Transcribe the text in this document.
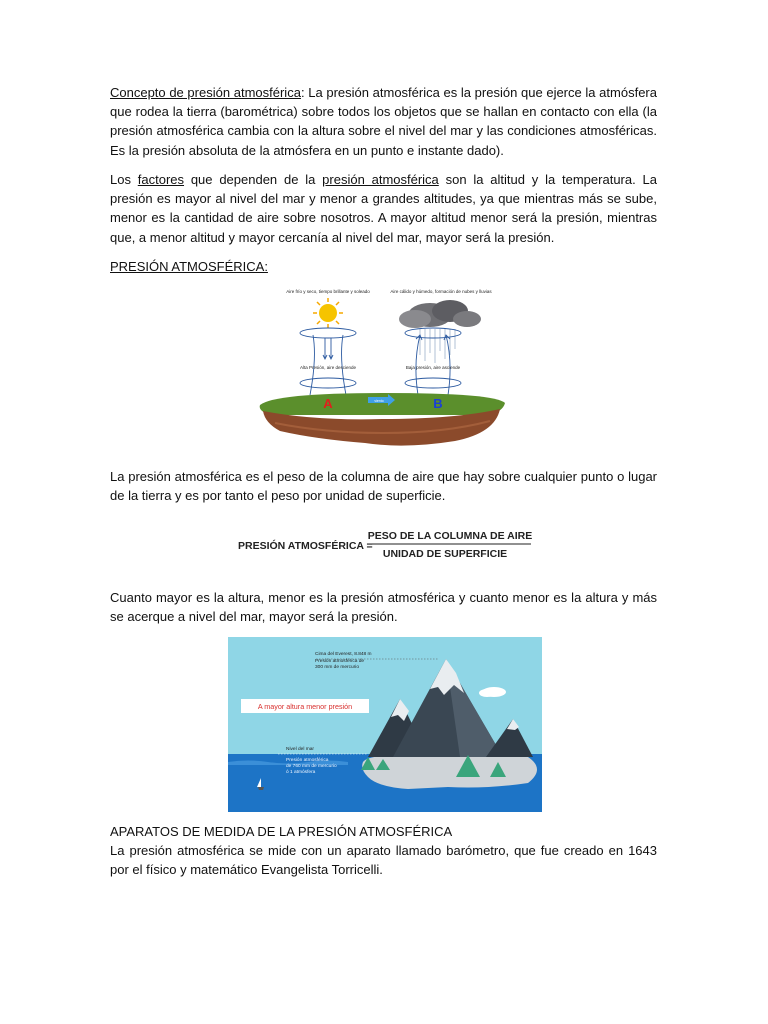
Concepto de presión atmosférica: La presión atmosférica es la presión que ejerce la atmósfera que rodea la tierra (barométrica) sobre todos los objetos que se hallan en contacto con ella (la presión atmosférica cambia con la altura sobre el nivel del mar y las condiciones atmosféricas. Es la presión absoluta de la atmósfera en un punto e instante dado).
Los factores que dependen de la presión atmosférica son la altitud y la temperatura. La presión es mayor al nivel del mar y menor a grandes altitudes, ya que mientras más se sube, menor es la cantidad de aire sobre nosotros. A mayor altitud menor será la presión, mientras que, a menor altitud y mayor cercanía al nivel del mar, mayor será la presión.
PRESIÓN ATMOSFÉRICA:
Aire frío y seco, tiempo brillante y soleado	Aire cálido y húmedo, formación de nubes y lluvias
Alta Presión, aire desciende	Baja presión, aire asciende
A	B
viento
La presión atmosférica es el peso de la columna de aire que hay sobre cualquier punto o lugar de la tierra y es por tanto el peso por unidad de superficie.
PRESIÓN ATMOSFÉRICA =
PESO DE LA COLUMNA DE AIRE
UNIDAD DE SUPERFICIE
Cuanto mayor es la altura, menor es la presión atmosférica y cuanto menor es la altura y más se acerque a nivel del mar, mayor será la presión.
Cima del Everest, 8.848 m
Presión atmosférica de
300 mm de mercurio
A mayor altura menor presión
Nivel del mar
Presión atmosférica
de 760 mm de mercurio
ó 1 atmósfera
APARATOS DE MEDIDA DE LA PRESIÓN ATMOSFÉRICA
La presión atmosférica se mide con un aparato llamado barómetro, que fue creado en 1643 por el físico y matemático Evangelista Torricelli.
